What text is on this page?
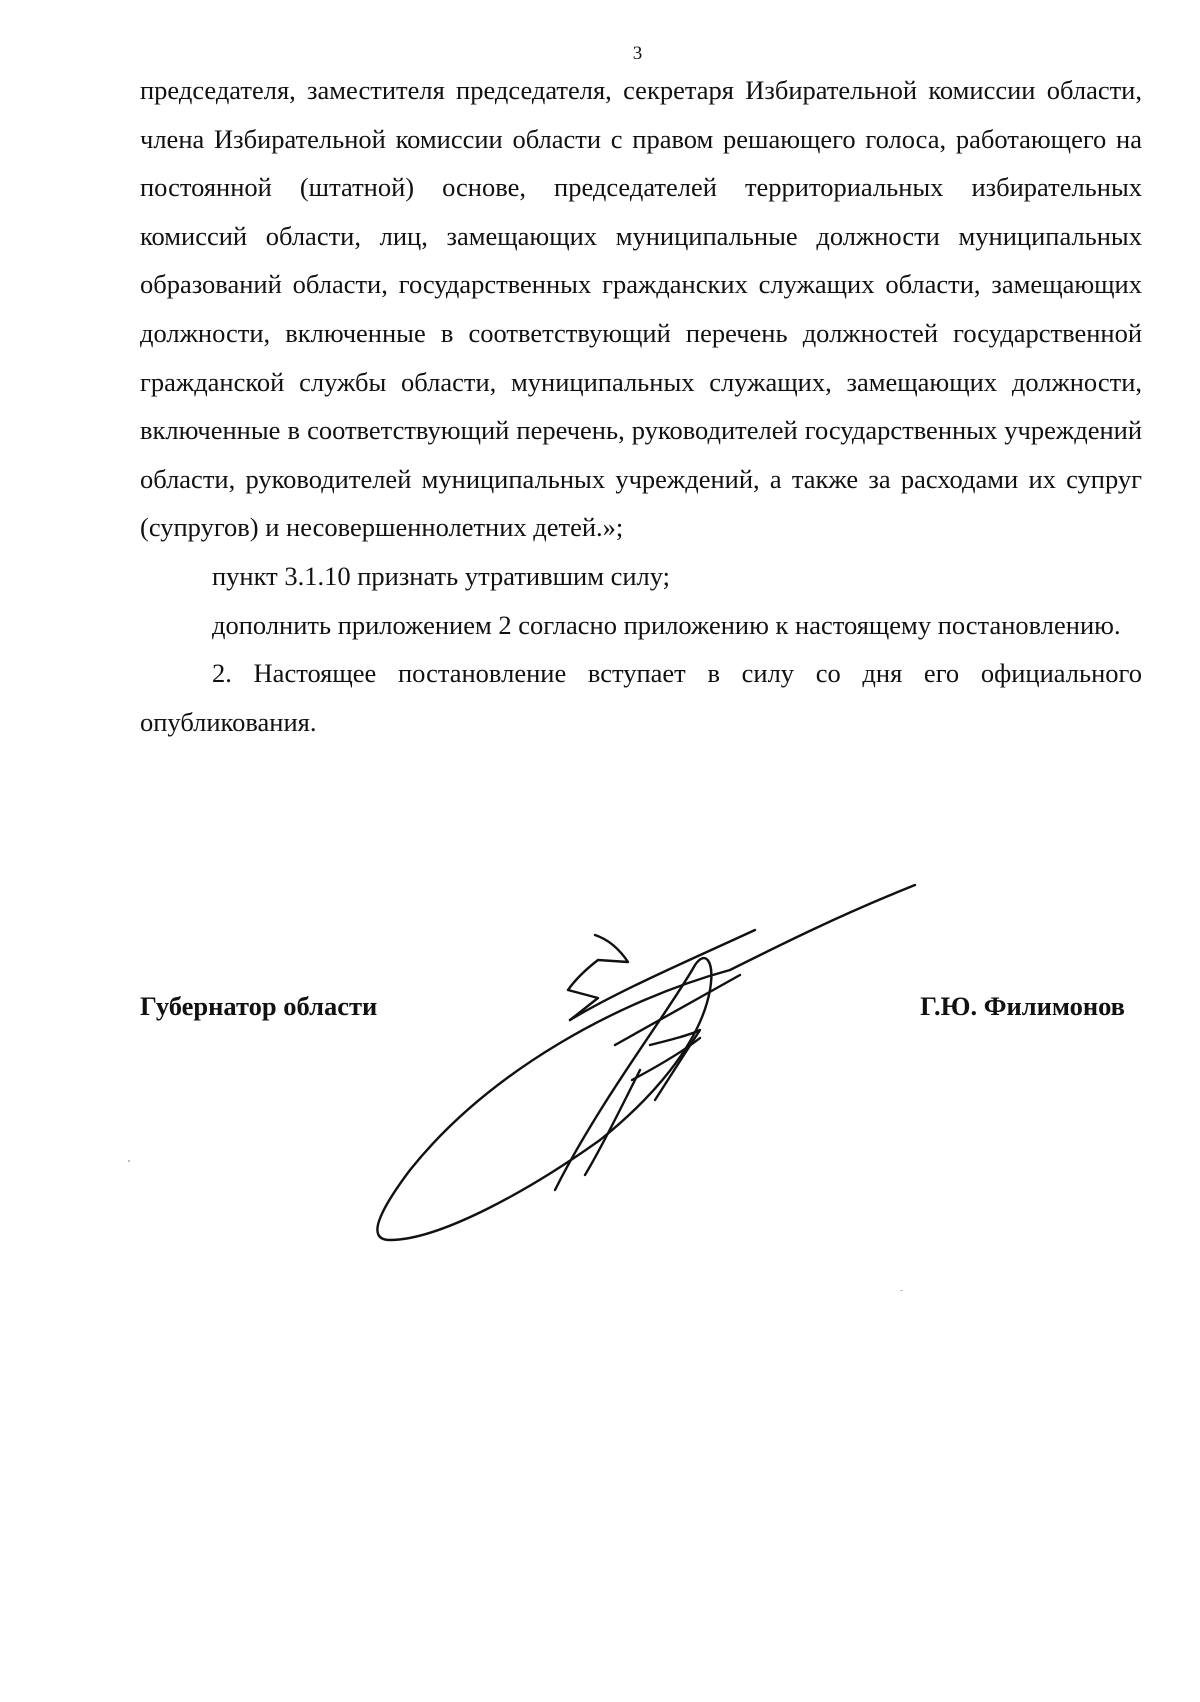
3

председателя, заместителя председателя, секретаря Избирательной комиссии области, члена Избирательной комиссии области с правом решающего голоса, работающего на постоянной (штатной) основе, председателей территориальных избирательных комиссий области, лиц, замещающих муниципальные должности муниципальных образований области, государственных гражданских служащих области, замещающих должности, включенные в соответствующий перечень должностей государственной гражданской службы области, муниципальных служащих, замещающих должности, включенные в соответствующий перечень, руководителей государственных учреждений области, руководителей муниципальных учреждений, а также за расходами их супруг (супругов) и несовершеннолетних детей.»;

пункт 3.1.10 признать утратившим силу;

дополнить приложением 2 согласно приложению к настоящему постановлению.

2. Настоящее постановление вступает в силу со дня его официального опубликования.

Губернатор области	Г.Ю. Филимонов
